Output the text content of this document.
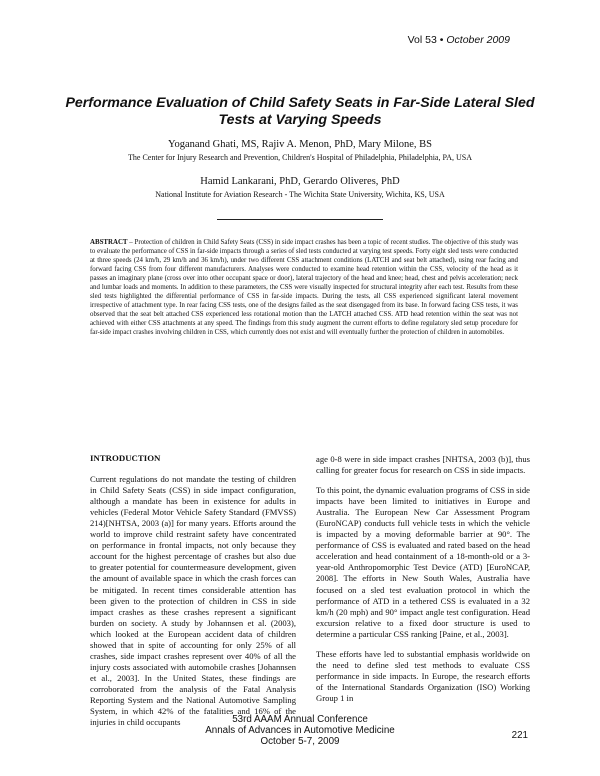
Vol 53 • October 2009
Performance Evaluation of Child Safety Seats in Far-Side Lateral Sled Tests at Varying Speeds

Yoganand Ghati, MS, Rajiv A. Menon, PhD, Mary Milone, BS

The Center for Injury Research and Prevention, Children's Hospital of Philadelphia, Philadelphia, PA, USA

Hamid Lankarani, PhD, Gerardo Oliveres, PhD

National Institute for Aviation Research - The Wichita State University, Wichita, KS, USA

ABSTRACT – Protection of children in Child Safety Seats (CSS) in side impact crashes has been a topic of recent studies. The objective of this study was to evaluate the performance of CSS in far-side impacts through a series of sled tests conducted at varying test speeds. Forty eight sled tests were conducted at three speeds (24 km/h, 29 km/h and 36 km/h), under two different CSS attachment conditions (LATCH and seat belt attached), using rear facing and forward facing CSS from four different manufacturers. Analyses were conducted to examine head retention within the CSS, velocity of the head as it passes an imaginary plane (cross over into other occupant space or door), lateral trajectory of the head and knee; head, chest and pelvis acceleration; neck and lumbar loads and moments. In addition to these parameters, the CSS were visually inspected for structural integrity after each test. Results from these sled tests highlighted the differential performance of CSS in far-side impacts. During the tests, all CSS experienced significant lateral movement irrespective of attachment type. In rear facing CSS tests, one of the designs failed as the seat disengaged from its base. In forward facing CSS tests, it was observed that the seat belt attached CSS experienced less rotational motion than the LATCH attached CSS. ATD head retention within the seat was not achieved with either CSS attachments at any speed. The findings from this study augment the current efforts to define regulatory sled setup procedure for far-side impact crashes involving children in CSS, which currently does not exist and will eventually further the protection of children in automobiles.

INTRODUCTION

Current regulations do not mandate the testing of children in Child Safety Seats (CSS) in side impact configuration, although a mandate has been in existence for adults in vehicles (Federal Motor Vehicle Safety Standard (FMVSS) 214)[NHTSA, 2003 (a)] for many years. Efforts around the world to improve child restraint safety have concentrated on performance in frontal impacts, not only because they account for the highest percentage of crashes but also due to greater potential for countermeasure development, given the amount of available space in which the crash forces can be mitigated. In recent times considerable attention has been given to the protection of children in CSS in side impact crashes as these crashes represent a significant burden on society. A study by Johannsen et al. (2003), which looked at the European accident data of children showed that in spite of accounting for only 25% of all crashes, side impact crashes represent over 40% of all the injury costs associated with automobile crashes [Johannsen et al., 2003]. In the United States, these findings are corroborated from the analysis of the Fatal Analysis Reporting System and the National Automotive Sampling System, in which 42% of the fatalities and 16% of the injuries in child occupants

age 0-8 were in side impact crashes [NHTSA, 2003 (b)], thus calling for greater focus for research on CSS in side impacts.

To this point, the dynamic evaluation programs of CSS in side impacts have been limited to initiatives in Europe and Australia. The European New Car Assessment Program (EuroNCAP) conducts full vehicle tests in which the vehicle is impacted by a moving deformable barrier at 90°. The performance of CSS is evaluated and rated based on the head acceleration and head containment of a 18-month-old or a 3-year-old Anthropomorphic Test Device (ATD) [EuroNCAP, 2008]. The efforts in New South Wales, Australia have focused on a sled test evaluation protocol in which the performance of ATD in a tethered CSS is evaluated in a 32 km/h (20 mph) and 90° impact angle test configuration. Head excursion relative to a fixed door structure is used to determine a particular CSS ranking [Paine, et al., 2003].

These efforts have led to substantial emphasis worldwide on the need to define sled test methods to evaluate CSS performance in side impacts. In Europe, the research efforts of the International Standards Organization (ISO) Working Group 1 in

53rd AAAM Annual Conference
Annals of Advances in Automotive Medicine
October 5-7, 2009
221
